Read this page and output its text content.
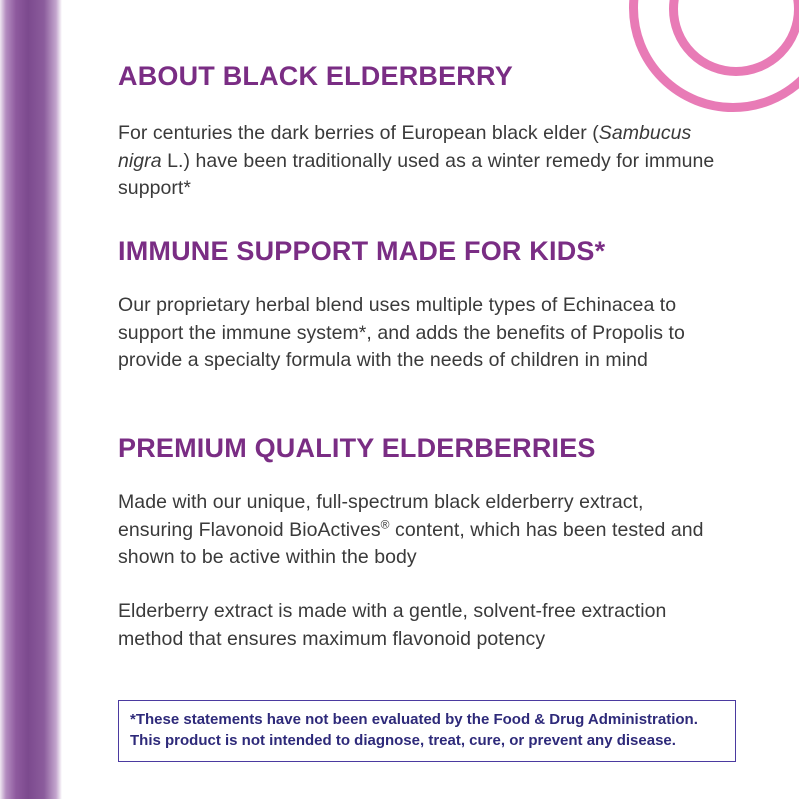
ABOUT BLACK ELDERBERRY

For centuries the dark berries of European black elder (Sambucus nigra L.) have been traditionally used as a winter remedy for immune support*

IMMUNE SUPPORT MADE FOR KIDS*

Our proprietary herbal blend uses multiple types of Echinacea to support the immune system*, and adds the benefits of Propolis to provide a specialty formula with the needs of children in mind

PREMIUM QUALITY ELDERBERRIES

Made with our unique, full-spectrum black elderberry extract, ensuring Flavonoid BioActives® content, which has been tested and shown to be active within the body

Elderberry extract is made with a gentle, solvent-free extraction method that ensures maximum flavonoid potency

*These statements have not been evaluated by the Food & Drug Administration.

This product is not intended to diagnose, treat, cure, or prevent any disease.
